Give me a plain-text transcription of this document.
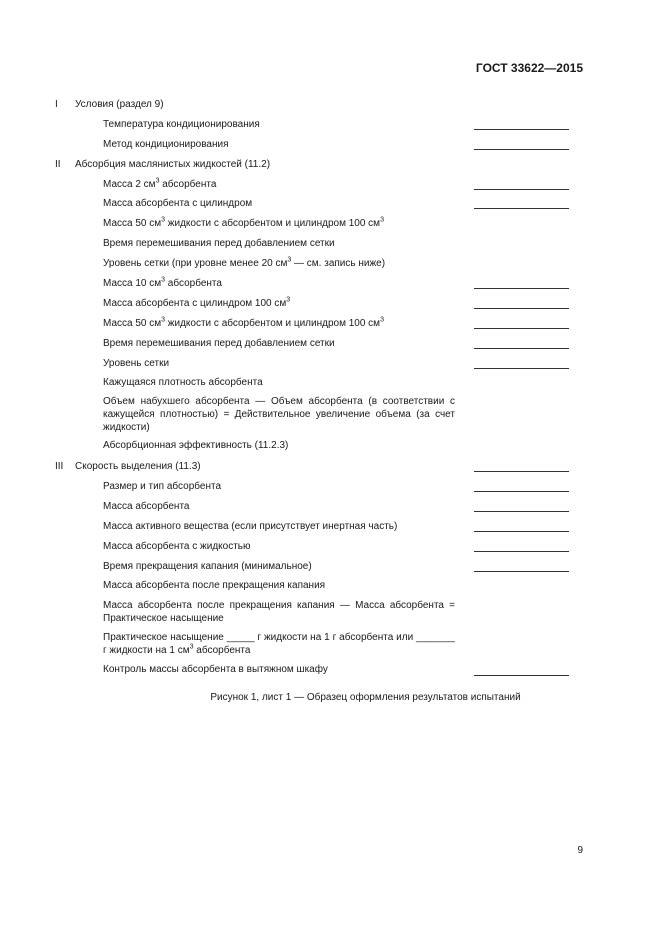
ГОСТ 33622—2015
I Условия (раздел 9)
Температура кондиционирования
Метод кондиционирования
II Абсорбция маслянистых жидкостей (11.2)
Масса 2 $см^3$ абсорбента
Масса абсорбента с цилиндром
Масса 50 $см^3$ жидкости с абсорбентом и цилиндром 100 $см^3$
Время перемешивания перед добавлением сетки
Уровень сетки (при уровне менее 20 $см^3$ — см. запись ниже)
Масса 10 $см^3$ абсорбента
Масса абсорбента с цилиндром 100 $см^3$
Масса 50 $см^3$ жидкости с абсорбентом и цилиндром 100 $см^3$
Время перемешивания перед добавлением сетки
Уровень сетки
Кажущаяся плотность абсорбента
Объем набухшего абсорбента — Объем абсорбента (в соответствии с кажущейся плотностью) = Действительное увеличение объема (за счет жидкости)
Абсорбционная эффективность (11.2.3)
III Скорость выделения (11.3)
Размер и тип абсорбента
Масса абсорбента
Масса активного вещества (если присутствует инертная часть)
Масса абсорбента с жидкостью
Время прекращения капания (минимальное)
Масса абсорбента после прекращения капания
Масса абсорбента после прекращения капания — Масса абсорбента = Практическое насыщение
Практическое насыщение _____ г жидкости на 1 г абсорбента или _______ г жидкости на 1 $см^3$ абсорбента
Контроль массы абсорбента в вытяжном шкафу
Рисунок 1, лист 1 — Образец оформления результатов испытаний
9
